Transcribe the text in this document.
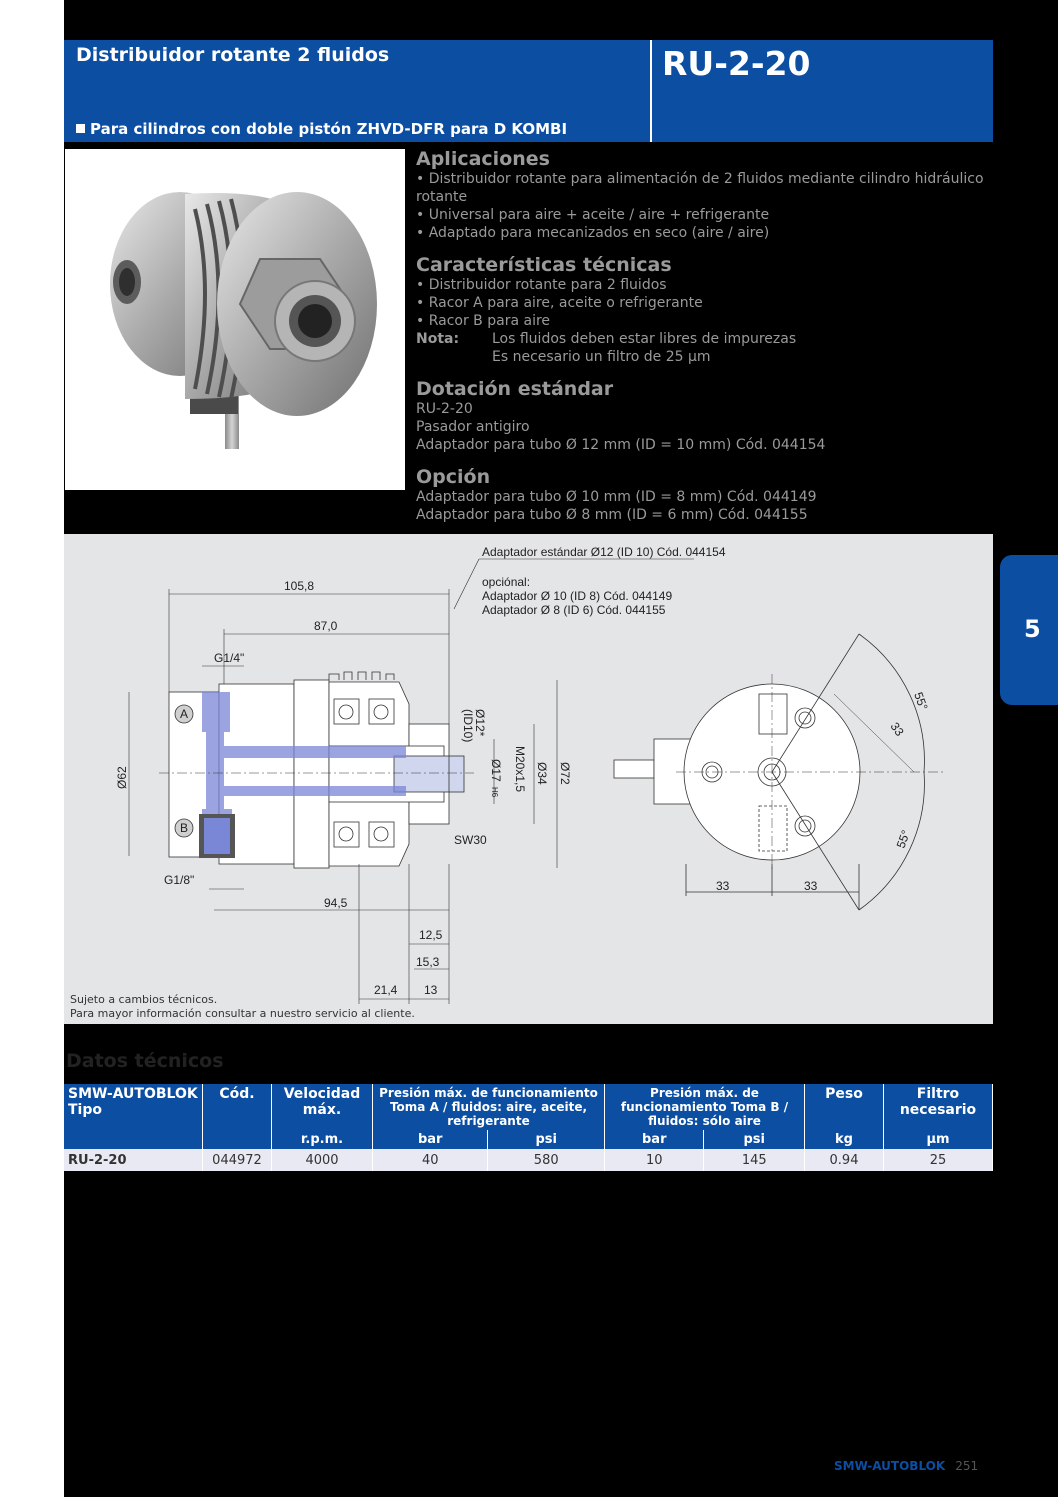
Distribuidor rotante 2 fluidos	RU-2-20
Para cilindros con doble pistón ZHVD-DFR para D KOMBI
Aplicaciones
• Distribuidor rotante para alimentación de 2 fluidos mediante cilindro hidráulico rotante
• Universal para aire + aceite / aire + refrigerante
• Adaptado para mecanizados en seco (aire / aire)
Características técnicas
• Distribuidor rotante para 2 fluidos
• Racor A para aire, aceite o refrigerante
• Racor B para aire
Nota:	Los fluidos deben estar libres de impurezas
Es necesario un filtro de 25 µm
Dotación estándar
RU-2-20
Pasador antigiro
Adaptador para tubo Ø 12 mm (ID = 10 mm) Cód. 044154
Opción
Adaptador para tubo Ø 10 mm (ID = 8 mm) Cód. 044149
Adaptador para tubo Ø 8 mm (ID = 6 mm) Cód. 044155
5
A
B
105,8
87,0
G1/4"
G1/8"
94,5
12,5
15,3
21,4 13
SW30
Ø62
(ID10)
Ø12*
Ø17
H6
M20x1,5 Ø34 Ø72
Adaptador estándar Ø12 (ID 10) Cód. 044154
opciónal:
Adaptador Ø 10 (ID 8) Cód. 044149
Adaptador Ø 8 (ID 6) Cód. 044155
55°
33
55°
33	33
Sujeto a cambios técnicos.
Para mayor información consultar a nuestro servicio al cliente.
Datos técnicos
SMW-AUTOBLOK Tipo	Cód.	Velocidad máx.	Presión máx. de funcionamiento Toma A / fluidos: aire, aceite, refrigerante		Presión máx. de funcionamiento Toma B / fluidos: sólo aire		Peso	Filtro necesario
		r.p.m.	bar	psi	bar	psi	kg	µm
RU-2-20	044972	4000	40	580	10	145	0.94	25
SMW-AUTOBLOK 251
